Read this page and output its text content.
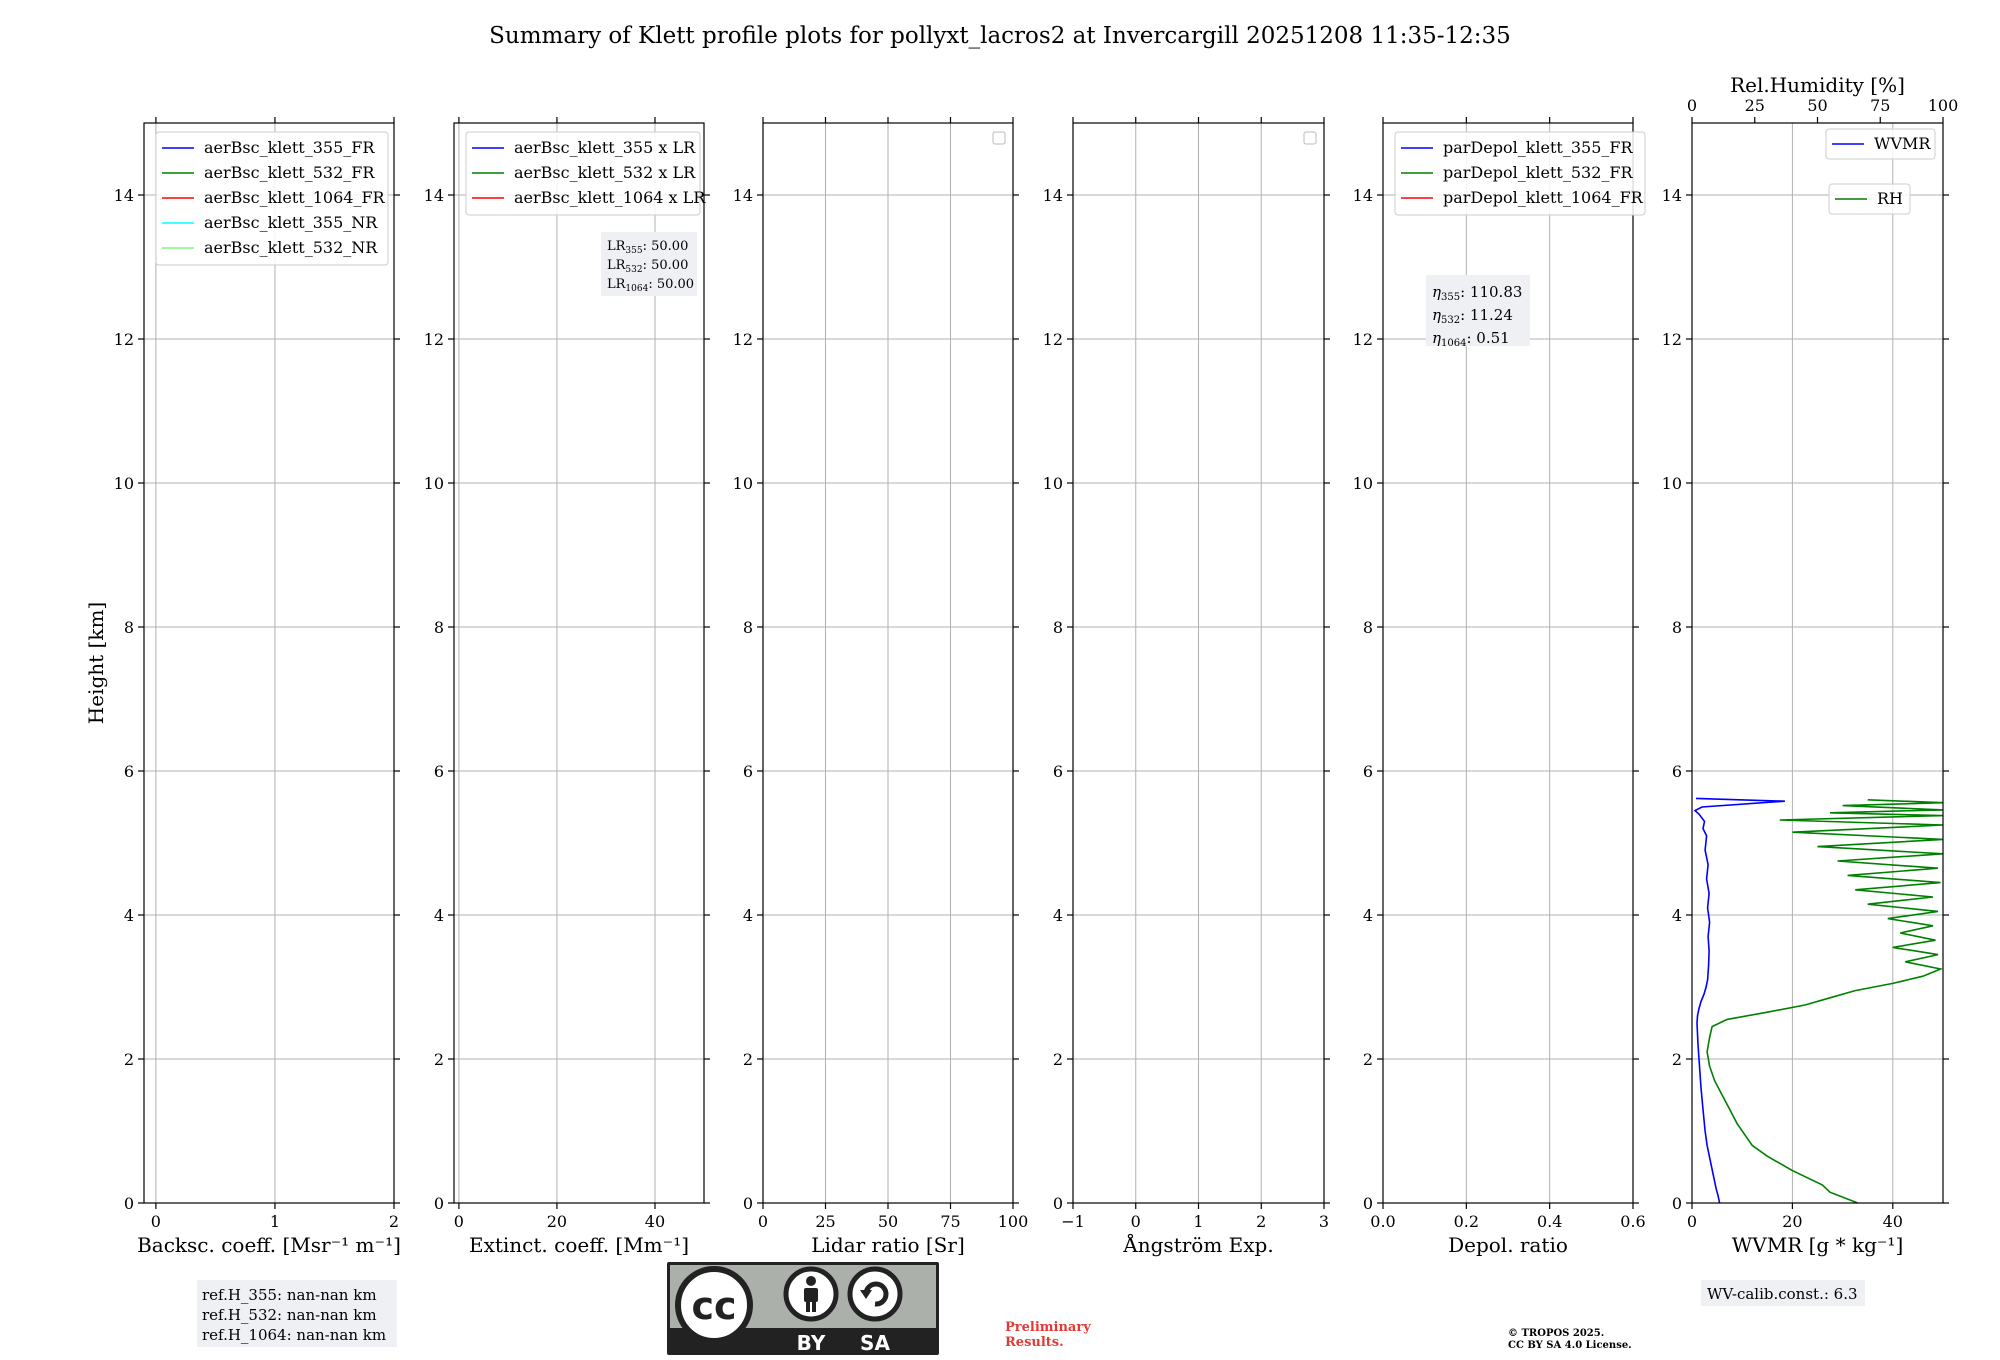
Summary of Klett profile plots for pollyxt_lacros2 at Invercargill 20251208 11:35-12:35
Height [km]
0	1	2
0
2
4
6
8
10
12
14
Backsc. coeff. [Msr⁻¹ m⁻¹]
aerBsc_klett_355_FR
aerBsc_klett_532_FR
aerBsc_klett_1064_FR
aerBsc_klett_355_NR
aerBsc_klett_532_NR
0	20	40
0
2
4
6
8
10
12
14
Extinct. coeff. [Mm⁻¹]
aerBsc_klett_355 x LR
aerBsc_klett_532 x LR
aerBsc_klett_1064 x LR
$LR_{355}$: 50.00
$LR_{532}$: 50.00
$LR_{1064}$: 50.00
0	25	50	75 100
0
2
4
6
8
10
12
14
Lidar ratio [Sr]
−1	0	1	2	3
0
2
4
6
8
10
12
14
Ångström Exp.
0.0	0.2	0.4	0.6
0
2
4
6
8
10
12
14
Depol. ratio
parDepol_klett_355_FR
parDepol_klett_532_FR
parDepol_klett_1064_FR
$\eta_{355}$: 110.83
$\eta_{532}$: 11.24
$\eta_{1064}$: 0.51
0	20	40
0
2
4
6
8
10
12
14
WVMR [g * kg⁻¹]
0	25	50	75 100
Rel.Humidity [%]
WVMR
RH
ref.H_355: nan-nan km
ref.H_532: nan-nan km
ref.H_1064: nan-nan km
WV-calib.const.: 6.3
cc
BY SA
Preliminary
Results.
© TROPOS 2025.
CC BY SA 4.0 License.
